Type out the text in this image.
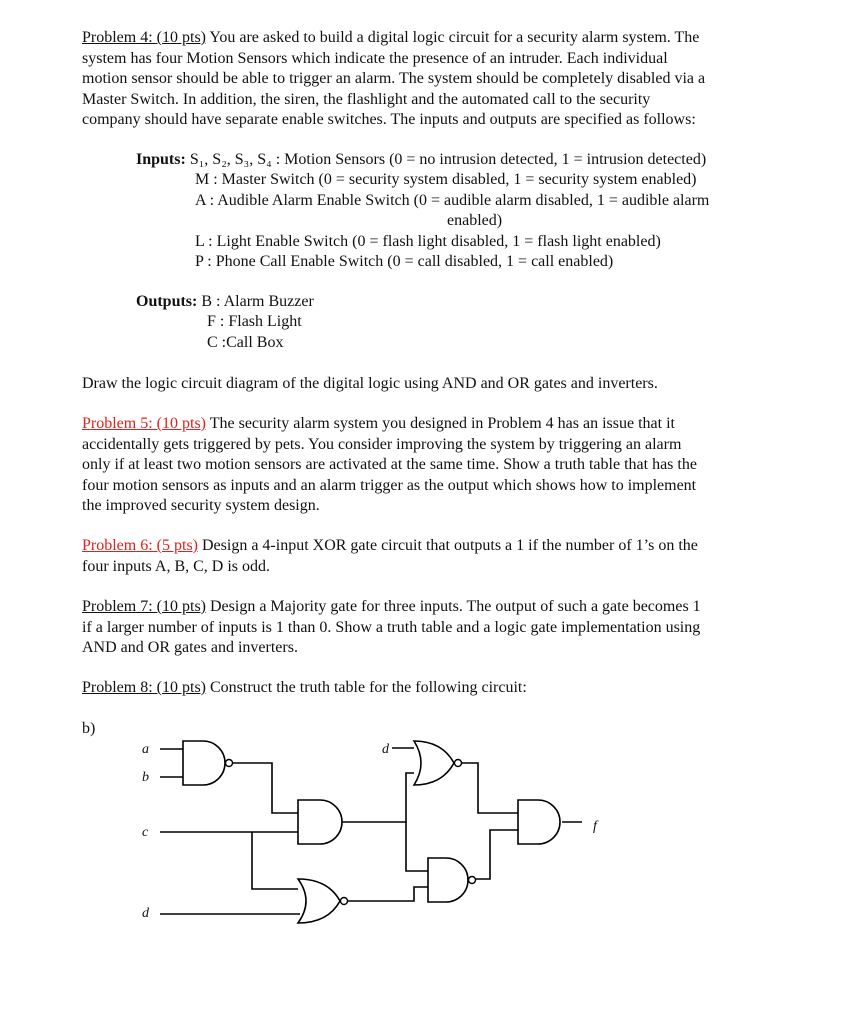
Problem 4: (10 pts) You are asked to build a digital logic circuit for a security alarm system. The
system has four Motion Sensors which indicate the presence of an intruder. Each individual
motion sensor should be able to trigger an alarm. The system should be completely disabled via a
Master Switch. In addition, the siren, the flashlight and the automated call to the security
company should have separate enable switches. The inputs and outputs are specified as follows:
Inputs: S₁, S₂, S₃, S₄ : Motion Sensors (0 = no intrusion detected, 1 = intrusion detected)
M : Master Switch (0 = security system disabled, 1 = security system enabled)
A : Audible Alarm Enable Switch (0 = audible alarm disabled, 1 = audible alarm
enabled)
L : Light Enable Switch (0 = flash light disabled, 1 = flash light enabled)
P : Phone Call Enable Switch (0 = call disabled, 1 = call enabled)
Outputs: B : Alarm Buzzer
F : Flash Light
C :Call Box
Draw the logic circuit diagram of the digital logic using AND and OR gates and inverters.
Problem 5: (10 pts) The security alarm system you designed in Problem 4 has an issue that it
accidentally gets triggered by pets. You consider improving the system by triggering an alarm
only if at least two motion sensors are activated at the same time. Show a truth table that has the
four motion sensors as inputs and an alarm trigger as the output which shows how to implement
the improved security system design.
Problem 6: (5 pts) Design a 4-input XOR gate circuit that outputs a 1 if the number of 1’s on the
four inputs A, B, C, D is odd.
Problem 7: (10 pts) Design a Majority gate for three inputs. The output of such a gate becomes 1
if a larger number of inputs is 1 than 0. Show a truth table and a logic gate implementation using
AND and OR gates and inverters.
Problem 8: (10 pts) Construct the truth table for the following circuit:
b)
a
b
c
d
d
f
